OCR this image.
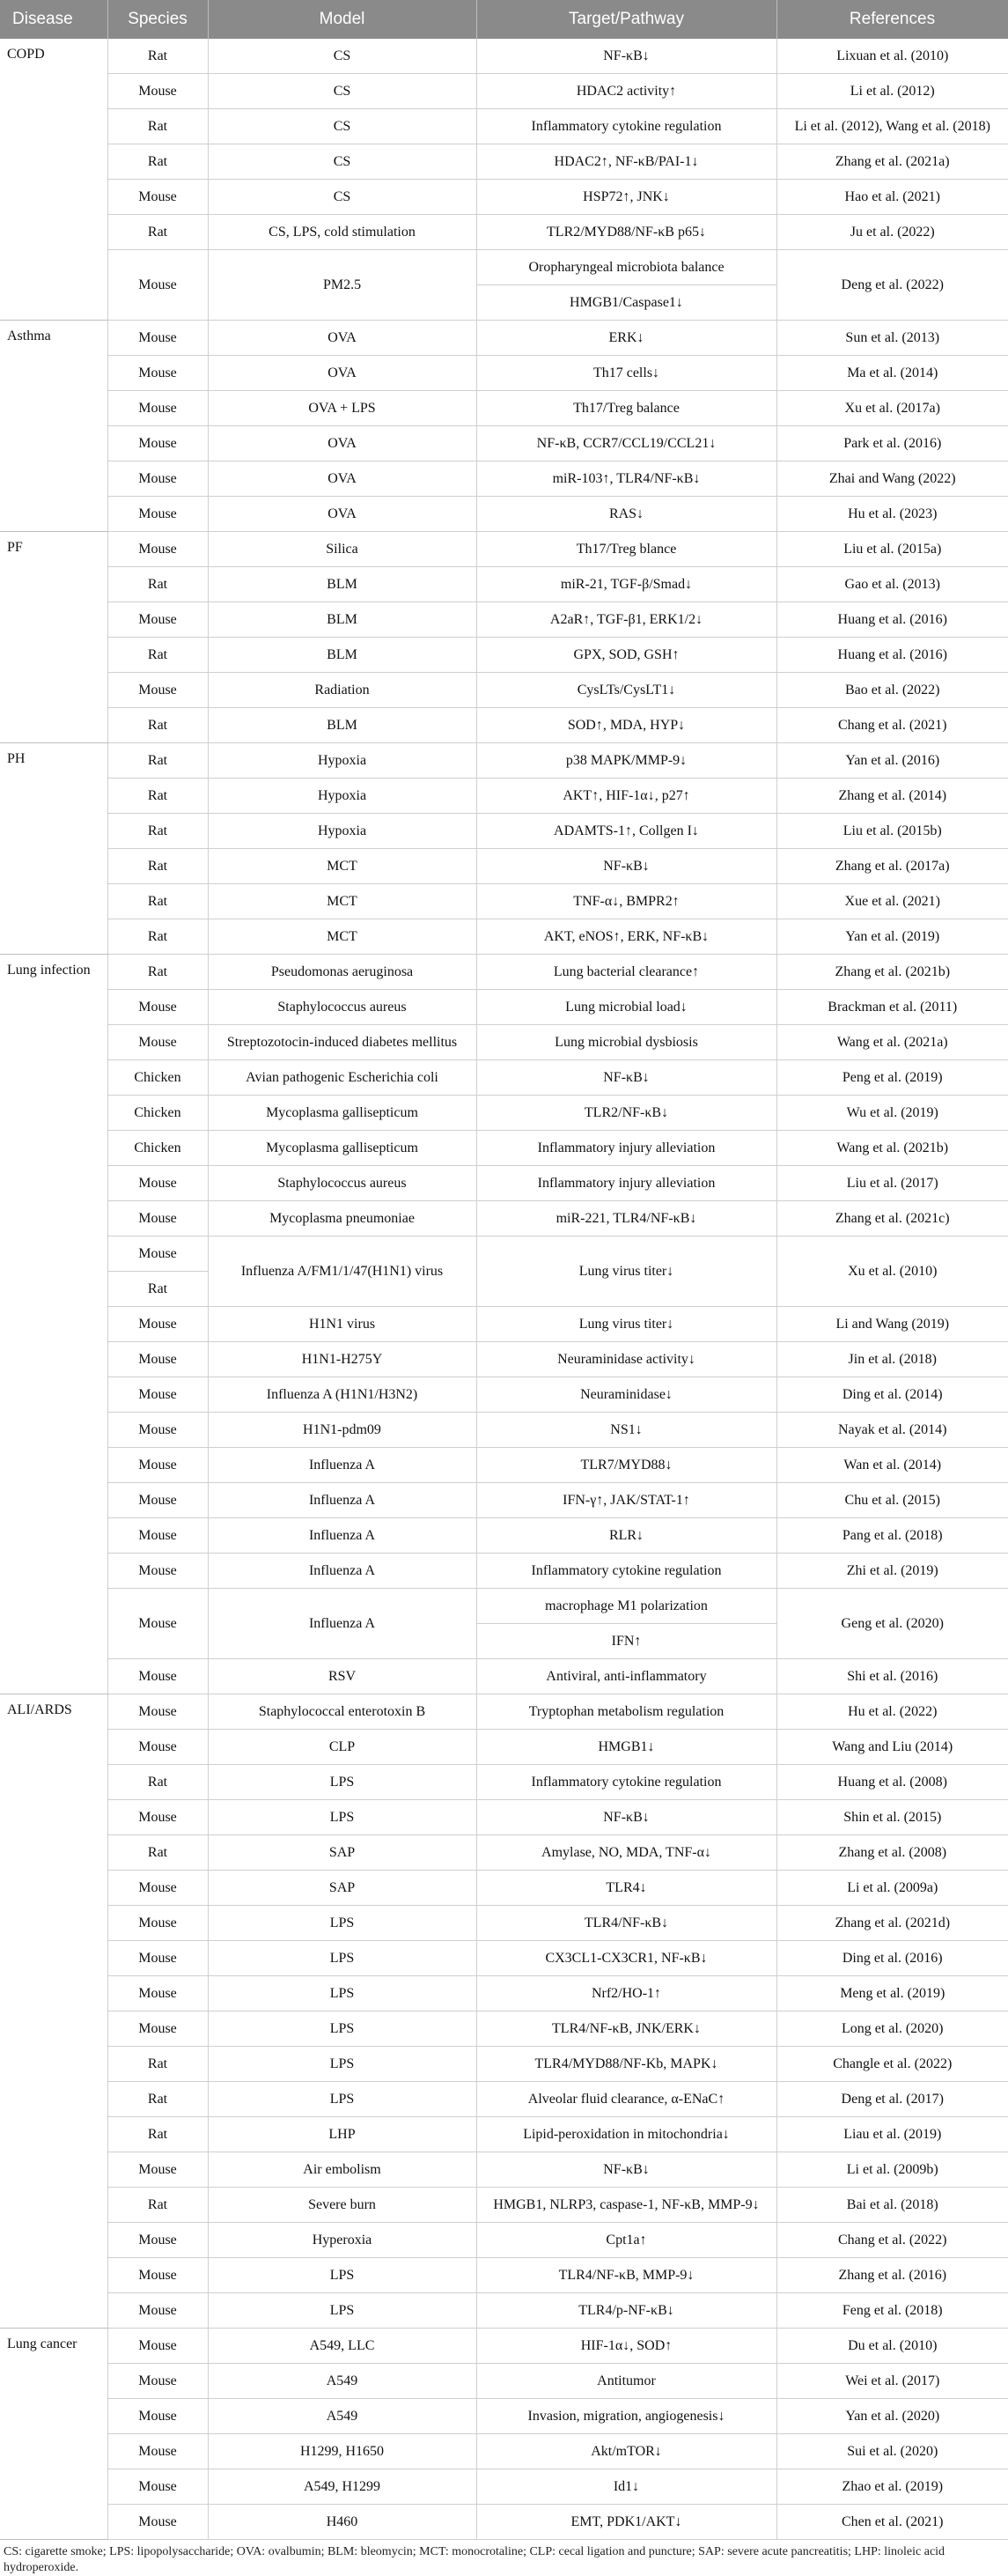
Disease	Species	Model	Target/Pathway	References
COPD	Rat	CS	NF-κB↓	Lixuan et al. (2010)
	Mouse	CS	HDAC2 activity↑	Li et al. (2012)
	Rat	CS	Inflammatory cytokine regulation	Li et al. (2012), Wang et al. (2018)
	Rat	CS	HDAC2↑, NF-κB/PAI-1↓	Zhang et al. (2021a)
	Mouse	CS	HSP72↑, JNK↓	Hao et al. (2021)
	Rat	CS, LPS, cold stimulation	TLR2/MYD88/NF-κB p65↓	Ju et al. (2022)
	Mouse	PM2.5	Oropharyngeal microbiota balance	Deng et al. (2022)
			HMGB1/Caspase1↓	
Asthma	Mouse	OVA	ERK↓	Sun et al. (2013)
	Mouse	OVA	Th17 cells↓	Ma et al. (2014)
	Mouse	OVA + LPS	Th17/Treg balance	Xu et al. (2017a)
	Mouse	OVA	NF-κB, CCR7/CCL19/CCL21↓	Park et al. (2016)
	Mouse	OVA	miR-103↑, TLR4/NF-κB↓	Zhai and Wang (2022)
	Mouse	OVA	RAS↓	Hu et al. (2023)
PF	Mouse	Silica	Th17/Treg blance	Liu et al. (2015a)
	Rat	BLM	miR-21, TGF-β/Smad↓	Gao et al. (2013)
	Mouse	BLM	A2aR↑, TGF-β1, ERK1/2↓	Huang et al. (2016)
	Rat	BLM	GPX, SOD, GSH↑	Huang et al. (2016)
	Mouse	Radiation	CysLTs/CysLT1↓	Bao et al. (2022)
	Rat	BLM	SOD↑, MDA, HYP↓	Chang et al. (2021)
PH	Rat	Hypoxia	p38 MAPK/MMP-9↓	Yan et al. (2016)
	Rat	Hypoxia	AKT↑, HIF-1α↓, p27↑	Zhang et al. (2014)
	Rat	Hypoxia	ADAMTS-1↑, Collgen I↓	Liu et al. (2015b)
	Rat	MCT	NF-κB↓	Zhang et al. (2017a)
	Rat	MCT	TNF-α↓, BMPR2↑	Xue et al. (2021)
	Rat	MCT	AKT, eNOS↑, ERK, NF-κB↓	Yan et al. (2019)
Lung infection	Rat	Pseudomonas aeruginosa	Lung bacterial clearance↑	Zhang et al. (2021b)
	Mouse	Staphylococcus aureus	Lung microbial load↓	Brackman et al. (2011)
	Mouse	Streptozotocin-induced diabetes mellitus	Lung microbial dysbiosis	Wang et al. (2021a)
	Chicken	Avian pathogenic Escherichia coli	NF-κB↓	Peng et al. (2019)
	Chicken	Mycoplasma gallisepticum	TLR2/NF-κB↓	Wu et al. (2019)
	Chicken	Mycoplasma gallisepticum	Inflammatory injury alleviation	Wang et al. (2021b)
	Mouse	Staphylococcus aureus	Inflammatory injury alleviation	Liu et al. (2017)
	Mouse	Mycoplasma pneumoniae	miR-221, TLR4/NF-κB↓	Zhang et al. (2021c)
	Mouse	Influenza A/FM1/1/47(H1N1) virus	Lung virus titer↓	Xu et al. (2010)
	Rat			
	Mouse	H1N1 virus	Lung virus titer↓	Li and Wang (2019)
	Mouse	H1N1-H275Y	Neuraminidase activity↓	Jin et al. (2018)
	Mouse	Influenza A (H1N1/H3N2)	Neuraminidase↓	Ding et al. (2014)
	Mouse	H1N1-pdm09	NS1↓	Nayak et al. (2014)
	Mouse	Influenza A	TLR7/MYD88↓	Wan et al. (2014)
	Mouse	Influenza A	IFN-γ↑, JAK/STAT-1↑	Chu et al. (2015)
	Mouse	Influenza A	RLR↓	Pang et al. (2018)
	Mouse	Influenza A	Inflammatory cytokine regulation	Zhi et al. (2019)
	Mouse	Influenza A	macrophage M1 polarization	Geng et al. (2020)
			IFN↑	
	Mouse	RSV	Antiviral, anti-inflammatory	Shi et al. (2016)
ALI/ARDS	Mouse	Staphylococcal enterotoxin B	Tryptophan metabolism regulation	Hu et al. (2022)
	Mouse	CLP	HMGB1↓	Wang and Liu (2014)
	Rat	LPS	Inflammatory cytokine regulation	Huang et al. (2008)
	Mouse	LPS	NF-κB↓	Shin et al. (2015)
	Rat	SAP	Amylase, NO, MDA, TNF-α↓	Zhang et al. (2008)
	Mouse	SAP	TLR4↓	Li et al. (2009a)
	Mouse	LPS	TLR4/NF-κB↓	Zhang et al. (2021d)
	Mouse	LPS	CX3CL1-CX3CR1, NF-κB↓	Ding et al. (2016)
	Mouse	LPS	Nrf2/HO-1↑	Meng et al. (2019)
	Mouse	LPS	TLR4/NF-κB, JNK/ERK↓	Long et al. (2020)
	Rat	LPS	TLR4/MYD88/NF-Kb, MAPK↓	Changle et al. (2022)
	Rat	LPS	Alveolar fluid clearance, α-ENaC↑	Deng et al. (2017)
	Rat	LHP	Lipid-peroxidation in mitochondria↓	Liau et al. (2019)
	Mouse	Air embolism	NF-κB↓	Li et al. (2009b)
	Rat	Severe burn	HMGB1, NLRP3, caspase-1, NF-κB, MMP-9↓	Bai et al. (2018)
	Mouse	Hyperoxia	Cpt1a↑	Chang et al. (2022)
	Mouse	LPS	TLR4/NF-κB, MMP-9↓	Zhang et al. (2016)
	Mouse	LPS	TLR4/p-NF-κB↓	Feng et al. (2018)
Lung cancer	Mouse	A549, LLC	HIF-1α↓, SOD↑	Du et al. (2010)
	Mouse	A549	Antitumor	Wei et al. (2017)
	Mouse	A549	Invasion, migration, angiogenesis↓	Yan et al. (2020)
	Mouse	H1299, H1650	Akt/mTOR↓	Sui et al. (2020)
	Mouse	A549, H1299	Id1↓	Zhao et al. (2019)
	Mouse	H460	EMT, PDK1/AKT↓	Chen et al. (2021)
CS: cigarette smoke; LPS: lipopolysaccharide; OVA: ovalbumin; BLM: bleomycin; MCT: monocrotaline; CLP: cecal ligation and puncture; SAP: severe acute pancreatitis; LHP: linoleic acid hydroperoxide.
